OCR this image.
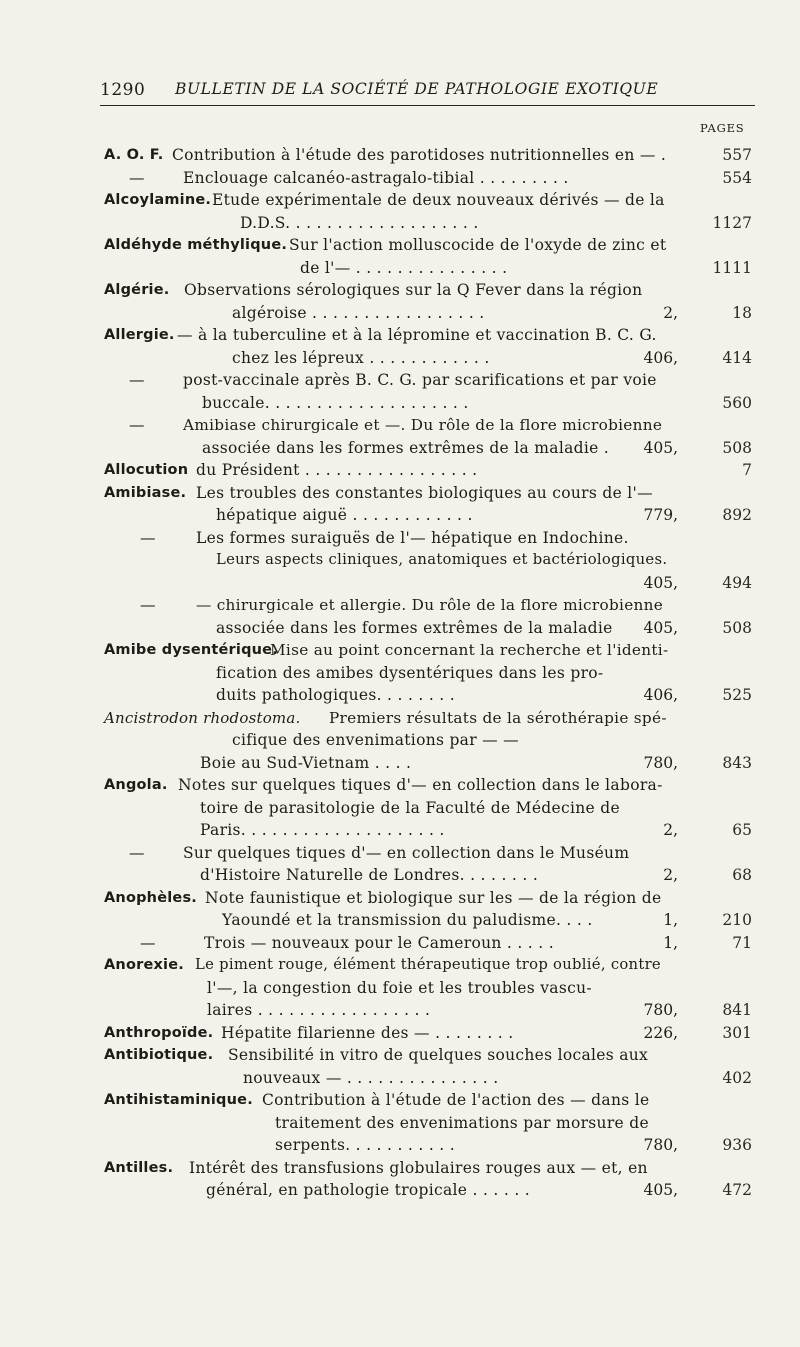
1290 BULLETIN DE LA SOCIÉTÉ DE PATHOLOGIE EXOTIQUE
PAGES
A. O. F. Contribution à l'étude des parotidoses nutritionnelles en — .	557
— Enclouage calcanéo-astragalo-tibial . . . . . . . . .	554
Alcoylamine. Etude expérimentale de deux nouveaux dérivés — de la
D.D.S. . . . . . . . . . . . . . . . . . .	1127
Aldéhyde méthylique. Sur l'action molluscocide de l'oxyde de zinc et
de l'— . . . . . . . . . . . . . . .	1111
Algérie. Observations sérologiques sur la Q Fever dans la région
algéroise . . . . . . . . . . . . . . . . .	2,	18
Allergie. — à la tuberculine et à la lépromine et vaccination B. C. G.
chez les lépreux . . . . . . . . . . . .	406,	414
— post-vaccinale après B. C. G. par scarifications et par voie
buccale. . . . . . . . . . . . . . . . . . . .	560
—	Amibiase chirurgicale et —. Du rôle de la flore microbienne
associée dans les formes extrêmes de la maladie . 405,	508
Allocution du Président . . . . . . . . . . . . . . . . .	7
Amibiase. Les troubles des constantes biologiques au cours de l'—
hépatique aiguë . . . . . . . . . . . .	779,	892
—	Les formes suraiguës de l'— hépatique en Indochine.
Leurs aspects cliniques, anatomiques et bactériologiques.
405,	494
—	— chirurgicale et allergie. Du rôle de la flore microbienne
associée dans les formes extrêmes de la maladie 405,	508
Amibe dysentérique.
Mise au point concernant la recherche et l'identi-
fication des amibes dysentériques dans les pro-
duits pathologiques. . . . . . . .	406,	525
Ancistrodon rhodostoma. Premiers résultats de la sérothérapie spé-
cifique des envenimations par — —
Boie au Sud-Vietnam . . . .	780,	843
Angola. Notes sur quelques tiques d'— en collection dans le labora-
toire de parasitologie de la Faculté de Médecine de
Paris. . . . . . . . . . . . . . . . . . . .	2,	65
— Sur quelques tiques d'— en collection dans le Muséum
d'Histoire Naturelle de Londres. . . . . . . .	2,	68
Anophèles. Note faunistique et biologique sur les — de la région de
Yaoundé et la transmission du paludisme. . . .	1,	210
—	Trois — nouveaux pour le Cameroun . . . . .	1,	71
Anorexie. Le piment rouge, élément thérapeutique trop oublié, contre
l'—, la congestion du foie et les troubles vascu-
laires . . . . . . . . . . . . . . . . .	780,	841
Anthropoïde. Hépatite filarienne des — . . . . . . . .	226,	301
Antibiotique. Sensibilité in vitro de quelques souches locales aux
nouveaux — . . . . . . . . . . . . . . .	402
Antihistaminique. Contribution à l'étude de l'action des — dans le
traitement des envenimations par morsure de
serpents. . . . . . . . . . .	780,	936
Antilles. Intérêt des transfusions globulaires rouges aux — et, en
général, en pathologie tropicale . . . . . .	405,	472
